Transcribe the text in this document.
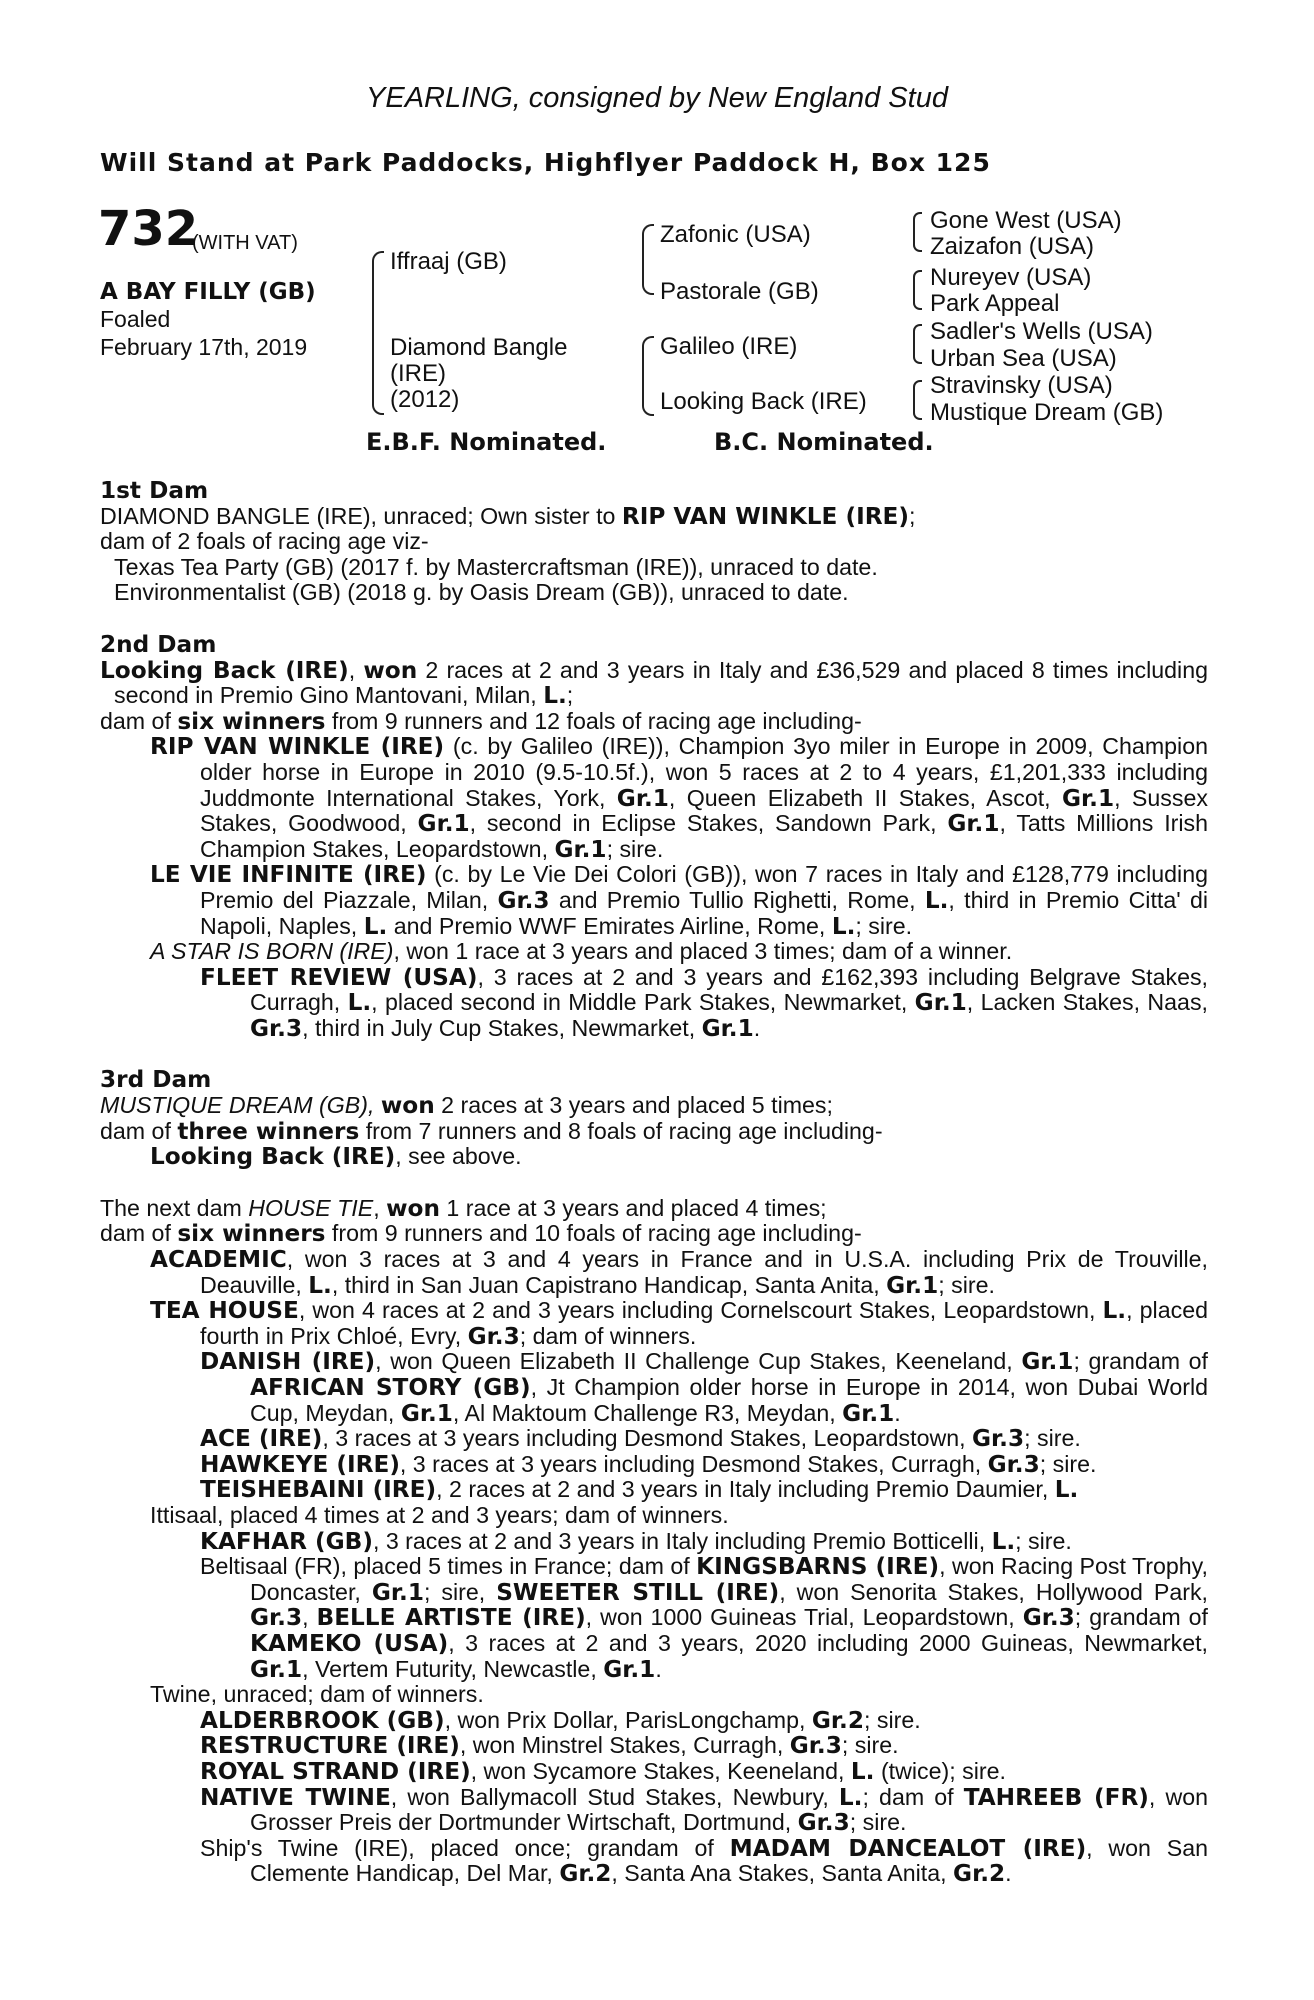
YEARLING, consigned by New England Stud
Will Stand at Park Paddocks, Highflyer Paddock H, Box 125
732
(WITH VAT)
A BAY FILLY (GB)
Foaled
February 17th, 2019
Iffraaj (GB)
Diamond Bangle
(IRE)
(2012)
Zafonic (USA)
Pastorale (GB)
Galileo (IRE)
Looking Back (IRE)
Gone West (USA)
Zaizafon (USA)
Nureyev (USA)
Park Appeal
Sadler's Wells (USA)
Urban Sea (USA)
Stravinsky (USA)
Mustique Dream (GB)
E.B.F. Nominated.	B.C. Nominated.
1st Dam
DIAMOND BANGLE (IRE), unraced; Own sister to RIP VAN WINKLE (IRE);
dam of 2 foals of racing age viz-
Texas Tea Party (GB) (2017 f. by Mastercraftsman (IRE)), unraced to date.
Environmentalist (GB) (2018 g. by Oasis Dream (GB)), unraced to date.
2nd Dam
Looking Back (IRE), won 2 races at 2 and 3 years in Italy and £36,529 and placed 8 times including second in Premio Gino Mantovani, Milan, L.;
dam of six winners from 9 runners and 12 foals of racing age including-
RIP VAN WINKLE (IRE) (c. by Galileo (IRE)), Champion 3yo miler in Europe in 2009, Champion older horse in Europe in 2010 (9.5-10.5f.), won 5 races at 2 to 4 years, £1,201,333 including Juddmonte International Stakes, York, Gr.1, Queen Elizabeth II Stakes, Ascot, Gr.1, Sussex Stakes, Goodwood, Gr.1, second in Eclipse Stakes, Sandown Park, Gr.1, Tatts Millions Irish Champion Stakes, Leopardstown, Gr.1; sire.
LE VIE INFINITE (IRE) (c. by Le Vie Dei Colori (GB)), won 7 races in Italy and £128,779 including Premio del Piazzale, Milan, Gr.3 and Premio Tullio Righetti, Rome, L., third in Premio Citta' di Napoli, Naples, L. and Premio WWF Emirates Airline, Rome, L.; sire.
A STAR IS BORN (IRE), won 1 race at 3 years and placed 3 times; dam of a winner.
FLEET REVIEW (USA), 3 races at 2 and 3 years and £162,393 including Belgrave Stakes, Curragh, L., placed second in Middle Park Stakes, Newmarket, Gr.1, Lacken Stakes, Naas, Gr.3, third in July Cup Stakes, Newmarket, Gr.1.
3rd Dam
MUSTIQUE DREAM (GB), won 2 races at 3 years and placed 5 times;
dam of three winners from 7 runners and 8 foals of racing age including-
Looking Back (IRE), see above.
The next dam HOUSE TIE, won 1 race at 3 years and placed 4 times;
dam of six winners from 9 runners and 10 foals of racing age including-
ACADEMIC, won 3 races at 3 and 4 years in France and in U.S.A. including Prix de Trouville, Deauville, L., third in San Juan Capistrano Handicap, Santa Anita, Gr.1; sire.
TEA HOUSE, won 4 races at 2 and 3 years including Cornelscourt Stakes, Leopardstown, L., placed fourth in Prix Chloé, Evry, Gr.3; dam of winners.
DANISH (IRE), won Queen Elizabeth II Challenge Cup Stakes, Keeneland, Gr.1; grandam of AFRICAN STORY (GB), Jt Champion older horse in Europe in 2014, won Dubai World Cup, Meydan, Gr.1, Al Maktoum Challenge R3, Meydan, Gr.1.
ACE (IRE), 3 races at 3 years including Desmond Stakes, Leopardstown, Gr.3; sire.
HAWKEYE (IRE), 3 races at 3 years including Desmond Stakes, Curragh, Gr.3; sire.
TEISHEBAINI (IRE), 2 races at 2 and 3 years in Italy including Premio Daumier, L.
Ittisaal, placed 4 times at 2 and 3 years; dam of winners.
KAFHAR (GB), 3 races at 2 and 3 years in Italy including Premio Botticelli, L.; sire.
Beltisaal (FR), placed 5 times in France; dam of KINGSBARNS (IRE), won Racing Post Trophy, Doncaster, Gr.1; sire, SWEETER STILL (IRE), won Senorita Stakes, Hollywood Park, Gr.3, BELLE ARTISTE (IRE), won 1000 Guineas Trial, Leopardstown, Gr.3; grandam of KAMEKO (USA), 3 races at 2 and 3 years, 2020 including 2000 Guineas, Newmarket, Gr.1, Vertem Futurity, Newcastle, Gr.1.
Twine, unraced; dam of winners.
ALDERBROOK (GB), won Prix Dollar, ParisLongchamp, Gr.2; sire.
RESTRUCTURE (IRE), won Minstrel Stakes, Curragh, Gr.3; sire.
ROYAL STRAND (IRE), won Sycamore Stakes, Keeneland, L. (twice); sire.
NATIVE TWINE, won Ballymacoll Stud Stakes, Newbury, L.; dam of TAHREEB (FR), won Grosser Preis der Dortmunder Wirtschaft, Dortmund, Gr.3; sire.
Ship's Twine (IRE), placed once; grandam of MADAM DANCEALOT (IRE), won San Clemente Handicap, Del Mar, Gr.2, Santa Ana Stakes, Santa Anita, Gr.2.
